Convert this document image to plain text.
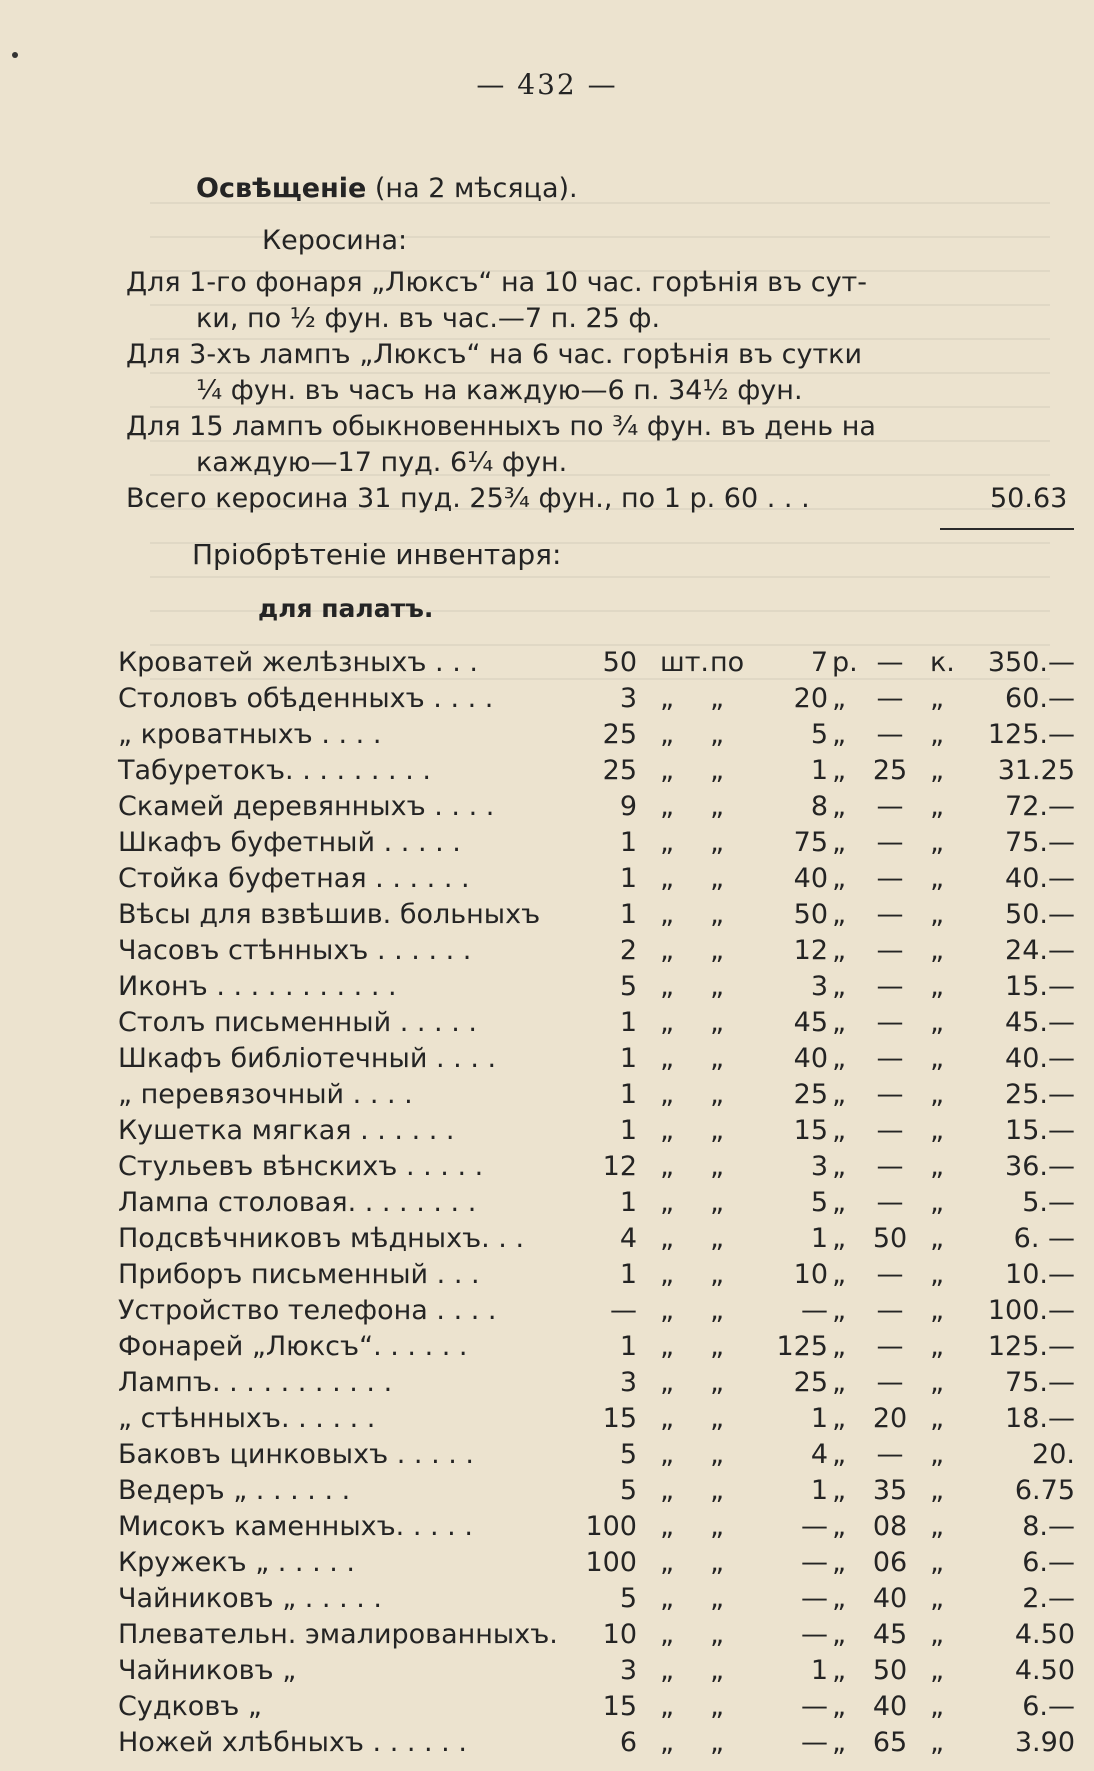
— 432 —
Освѣщеніе (на 2 мѣсяца).
Керосина:
Для 1-го фонаря „Люксъ“ на 10 час. горѣнія въ сут-
ки, по ½ фун. въ час.—7 п. 25 ф.
Для 3-хъ лампъ „Люксъ“ на 6 час. горѣнія въ сутки
¼ фун. въ часъ на каждую—6 п. 34½ фун.
Для 15 лампъ обыкновенныхъ по ¾ фун. въ день на
каждую—17 пуд. 6¼ фун.
Всего керосина 31 пуд. 25¾ фун., по 1 р. 60 . . .	50.63
Пріобрѣтеніе инвентаря:
для палатъ.
Кроватей желѣзныхъ . . .	50 шт. по	7 р. — к.	350.—
Столовъ обѣденныхъ . . . .	3 „ „	20 „	— „	60.—
„ кроватныхъ . . . .	25 „ „	5 „	— „	125.—
Табуретокъ. . . . . . . . .	25 „ „	1 „ 25 „	31.25
Скамей деревянныхъ . . . .	9 „ „	8 „	— „	72.—
Шкафъ буфетный . . . . .	1 „ „	75 „	— „	75.—
Стойка буфетная . . . . . .	1 „ „	40 „	— „	40.—
Вѣсы для взвѣшив. больныхъ	1 „ „	50 „	— „	50.—
Часовъ стѣнныхъ . . . . . .	2 „ „	12 „	— „	24.—
Иконъ . . . . . . . . . . .	5 „ „	3 „	— „	15.—
Столъ письменный . . . . .	1 „ „	45 „	— „	45.—
Шкафъ библіотечный . . . .	1 „ „	40 „	— „	40.—
„ перевязочный . . . .	1 „ „	25 „	— „	25.—
Кушетка мягкая . . . . . .	1 „ „	15 „	— „	15.—
Стульевъ вѣнскихъ . . . . .	12 „ „	3 „	— „	36.—
Лампа столовая. . . . . . . .	1 „ „	5 „	— „	5.—
Подсвѣчниковъ мѣдныхъ. . .	4 „ „	1 „ 50 „	6. —
Приборъ письменный . . .	1 „ „	10 „	— „	10.—
Устройство телефона . . . .	— „ „	— „	— „	100.—
Фонарей „Люксъ“. . . . . .	1 „ „	125 „	— „	125.—
Лампъ. . . . . . . . . . .	3 „ „	25 „	— „	75.—
„ стѣнныхъ. . . . . .	15 „ „	1 „ 20 „	18.—
Баковъ цинковыхъ . . . . .	5 „ „	4 „	— „	20.
Ведеръ „ . . . . . .	5 „ „	1 „ 35 „	6.75
Мисокъ каменныхъ. . . . .	100 „ „	— „ 08 „	8.—
Кружекъ „ . . . . .	100 „ „	— „ 06 „	6.—
Чайниковъ „ . . . . .	5 „ „	— „ 40 „	2.—
Плевательн. эмалированныхъ.	10 „ „	— „ 45 „	4.50
Чайниковъ „	3 „ „	1 „ 50 „	4.50
Судковъ „	15 „ „	— „ 40 „	6.—
Ножей хлѣбныхъ . . . . . .	6 „ „	— „ 65 „	3.90
